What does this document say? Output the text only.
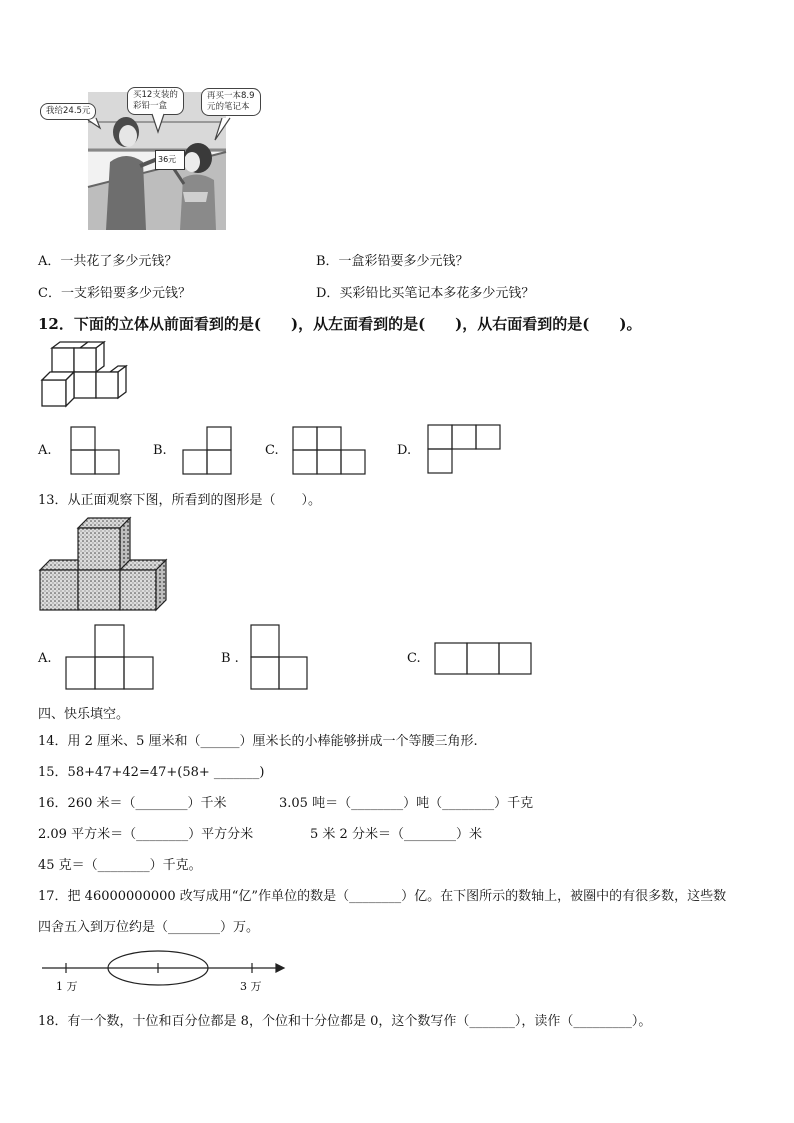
36元
我给24.5元
买12支装的
彩铅一盒
再买一本8.9
元的笔记本
A．一共花了多少元钱？	B．一盒彩铅要多少元钱？
C．一支彩铅要多少元钱？	D．买彩铅比买笔记本多花多少元钱？
12．下面的立体从前面看到的是(　　)，从左面看到的是(　　)，从右面看到的是(　　)。
A.	B.	C.	D.
13．从正面观察下图，所看到的图形是（　　）。
A.	B .	C.
四、快乐填空。
14．用 2 厘米、5 厘米和（______）厘米长的小棒能够拼成一个等腰三角形.
15．58+47+42=47+(58+ _______)
16．260 米＝（________）千米	3.05 吨＝（________）吨（________）千克
2.09 平方米＝（________）平方分米	5 米 2 分米＝（________）米
45 克＝（________）千克。
17．把 46000000000 改写成用“亿”作单位的数是（________）亿。在下图所示的数轴上，被圈中的有很多数，这些数
四舍五入到万位约是（________）万。
1 万	3 万
18．有一个数，十位和百分位都是 8，个位和十分位都是 0，这个数写作（_______），读作（_________）。
